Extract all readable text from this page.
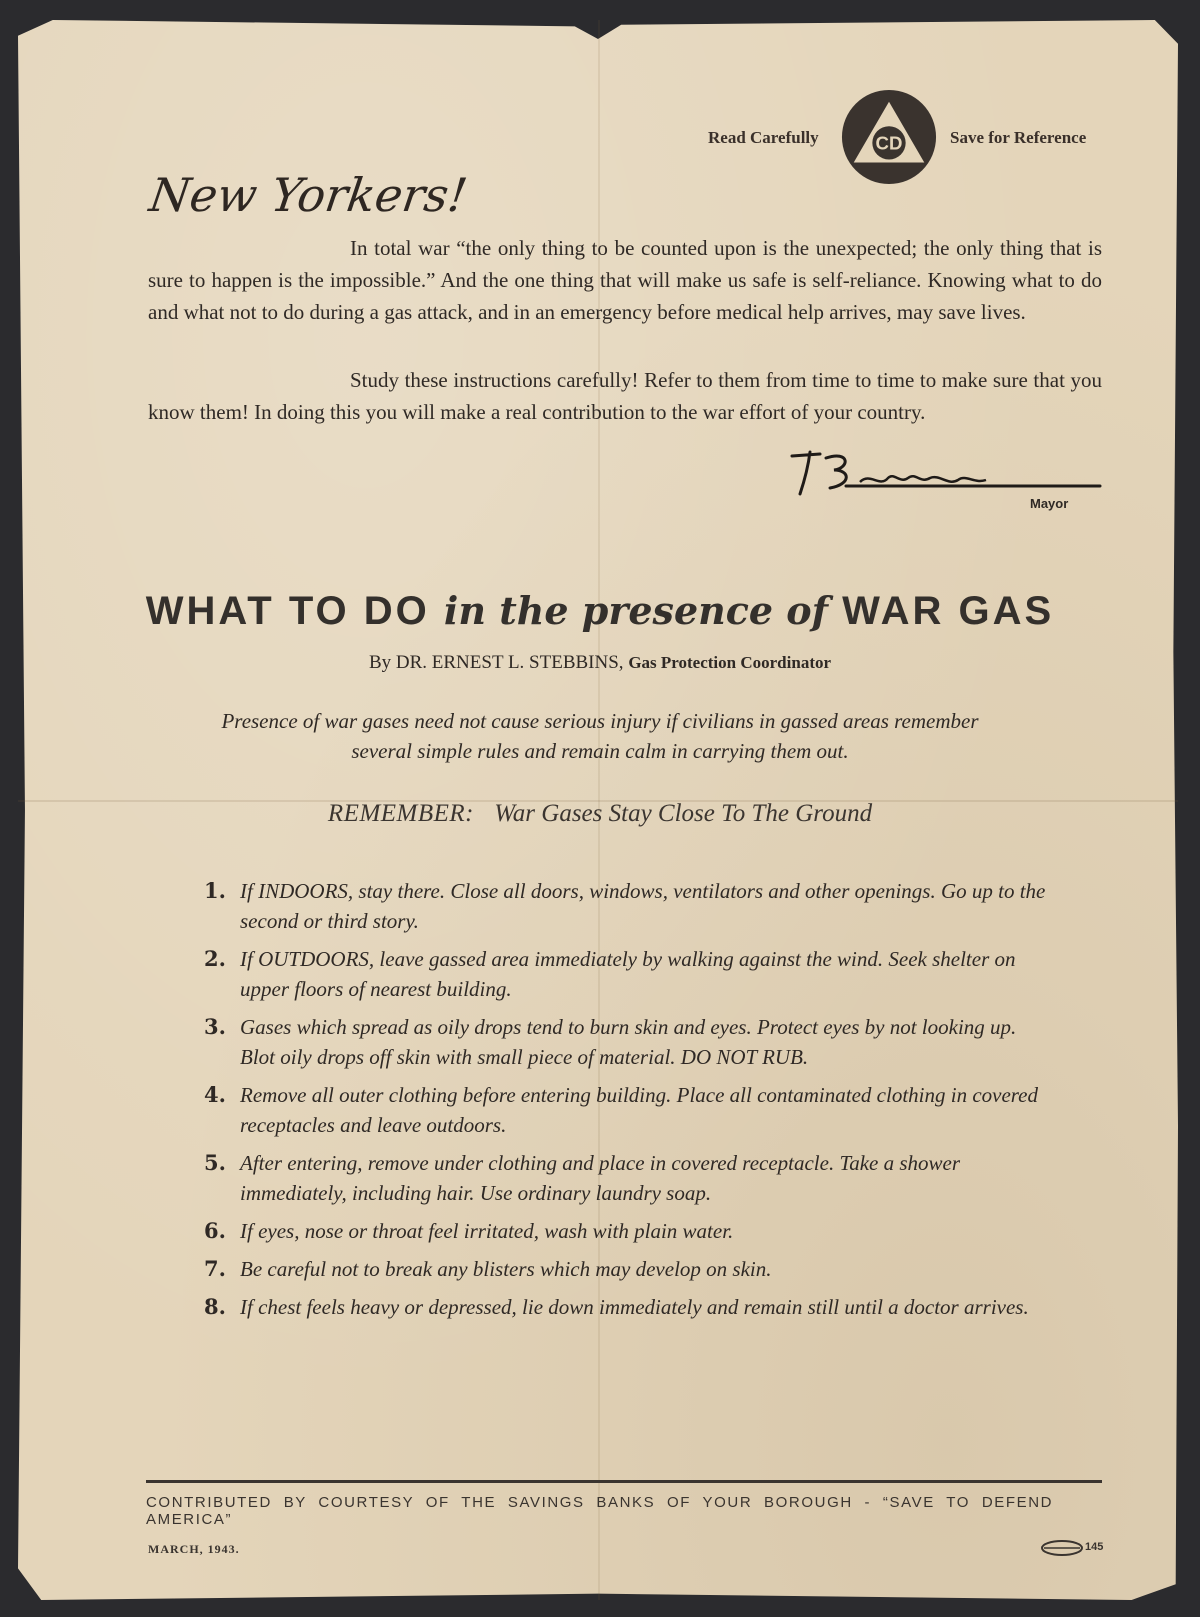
Read Carefully	CD	Save for Reference
New Yorkers!
In total war “the only thing to be counted upon is the unexpected; the only thing that is sure to happen is the impossible.” And the one thing that will make us safe is self-reliance. Knowing what to do and what not to do during a gas attack, and in an emergency before medical help arrives, may save lives.
Study these instructions carefully! Refer to them from time to time to make sure that you know them! In doing this you will make a real contribution to the war effort of your country.
Mayor
WHAT TO DO in the presence of WAR GAS
By DR. ERNEST L. STEBBINS, Gas Protection Coordinator
Presence of war gases need not cause serious injury if civilians in gassed areas remember several simple rules and remain calm in carrying them out.
REMEMBER: War Gases Stay Close To The Ground
1. If INDOORS, stay there. Close all doors, windows, ventilators and other openings. Go up to the second or third story.
2. If OUTDOORS, leave gassed area immediately by walking against the wind. Seek shelter on upper floors of nearest building.
3. Gases which spread as oily drops tend to burn skin and eyes. Protect eyes by not looking up. Blot oily drops off skin with small piece of material. DO NOT RUB.
4. Remove all outer clothing before entering building. Place all contaminated clothing in covered receptacles and leave outdoors.
5. After entering, remove under clothing and place in covered receptacle. Take a shower immediately, including hair. Use ordinary laundry soap.
6. If eyes, nose or throat feel irritated, wash with plain water.
7. Be careful not to break any blisters which may develop on skin.
8. If chest feels heavy or depressed, lie down immediately and remain still until a doctor arrives.
CONTRIBUTED BY COURTESY OF THE SAVINGS BANKS OF YOUR BOROUGH - “SAVE TO DEFEND AMERICA”
MARCH, 1943.	145
